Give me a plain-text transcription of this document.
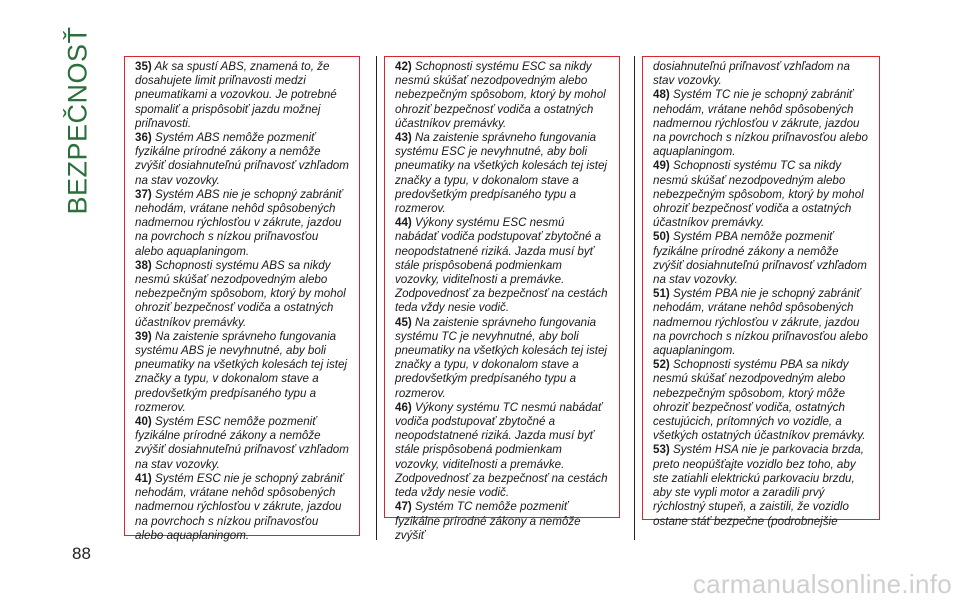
BEZPEČNOSŤ	35) Ak sa spustí ABS, znamená to, že dosahujete limit priľnavosti medzi pneumatikami a vozovkou. Je potrebné spomaliť a prispôsobiť jazdu možnej priľnavosti.

36) Systém ABS nemôže pozmeniť fyzikálne prírodné zákony a nemôže zvýšiť dosiahnuteľnú priľnavosť vzhľadom na stav vozovky.

37) Systém ABS nie je schopný zabrániť nehodám, vrátane nehôd spôsobených nadmernou rýchlosťou v zákrute, jazdou na povrchoch s nízkou priľnavosťou alebo aquaplaningom.

38) Schopnosti systému ABS sa nikdy nesmú skúšať nezodpovedným alebo nebezpečným spôsobom, ktorý by mohol ohroziť bezpečnosť vodiča a ostatných účastníkov premávky.

39) Na zaistenie správneho fungovania systému ABS je nevyhnutné, aby boli pneumatiky na všetkých kolesách tej istej značky a typu, v dokonalom stave a predovšetkým predpísaného typu a rozmerov.

40) Systém ESC nemôže pozmeniť fyzikálne prírodné zákony a nemôže zvýšiť dosiahnuteľnú priľnavosť vzhľadom na stav vozovky.

41) Systém ESC nie je schopný zabrániť nehodám, vrátane nehôd spôsobených nadmernou rýchlosťou v zákrute, jazdou na povrchoch s nízkou priľnavosťou alebo aquaplaningom.

42) Schopnosti systému ESC sa nikdy nesmú skúšať nezodpovedným alebo nebezpečným spôsobom, ktorý by mohol ohroziť bezpečnosť vodiča a ostatných účastníkov premávky.

43) Na zaistenie správneho fungovania systému ESC je nevyhnutné, aby boli pneumatiky na všetkých kolesách tej istej značky a typu, v dokonalom stave a predovšetkým predpísaného typu a rozmerov.

44) Výkony systému ESC nesmú nabádať vodiča podstupovať zbytočné a neopodstatnené riziká. Jazda musí byť stále prispôsobená podmienkam vozovky, viditeľnosti a premávke. Zodpovednosť za bezpečnosť na cestách teda vždy nesie vodič.

45) Na zaistenie správneho fungovania systému TC je nevyhnutné, aby boli pneumatiky na všetkých kolesách tej istej značky a typu, v dokonalom stave a predovšetkým predpísaného typu a rozmerov.

46) Výkony systému TC nesmú nabádať vodiča podstupovať zbytočné a neopodstatnené riziká. Jazda musí byť stále prispôsobená podmienkam vozovky, viditeľnosti a premávke. Zodpovednosť za bezpečnosť na cestách teda vždy nesie vodič.

47) Systém TC nemôže pozmeniť fyzikálne prírodné zákony a nemôže zvýšiť

dosiahnuteľnú priľnavosť vzhľadom na stav vozovky.

48) Systém TC nie je schopný zabrániť nehodám, vrátane nehôd spôsobených nadmernou rýchlosťou v zákrute, jazdou na povrchoch s nízkou priľnavosťou alebo aquaplaningom.

49) Schopnosti systému TC sa nikdy nesmú skúšať nezodpovedným alebo nebezpečným spôsobom, ktorý by mohol ohroziť bezpečnosť vodiča a ostatných účastníkov premávky.

50) Systém PBA nemôže pozmeniť fyzikálne prírodné zákony a nemôže zvýšiť dosiahnuteľnú priľnavosť vzhľadom na stav vozovky.

51) Systém PBA nie je schopný zabrániť nehodám, vrátane nehôd spôsobených nadmernou rýchlosťou v zákrute, jazdou na povrchoch s nízkou priľnavosťou alebo aquaplaningom.

52) Schopnosti systému PBA sa nikdy nesmú skúšať nezodpovedným alebo nebezpečným spôsobom, ktorý môže ohroziť bezpečnosť vodiča, ostatných cestujúcich, prítomných vo vozidle, a všetkých ostatných účastníkov premávky.

53) Systém HSA nie je parkovacia brzda, preto neopúšťajte vozidlo bez toho, aby ste zatiahli elektrickú parkovaciu brzdu, aby ste vypli motor a zaradili prvý rýchlostný stupeň, a zaistili, že vozidlo ostane stáť bezpečne (podrobnejšie

88
carmanualsonline.info
